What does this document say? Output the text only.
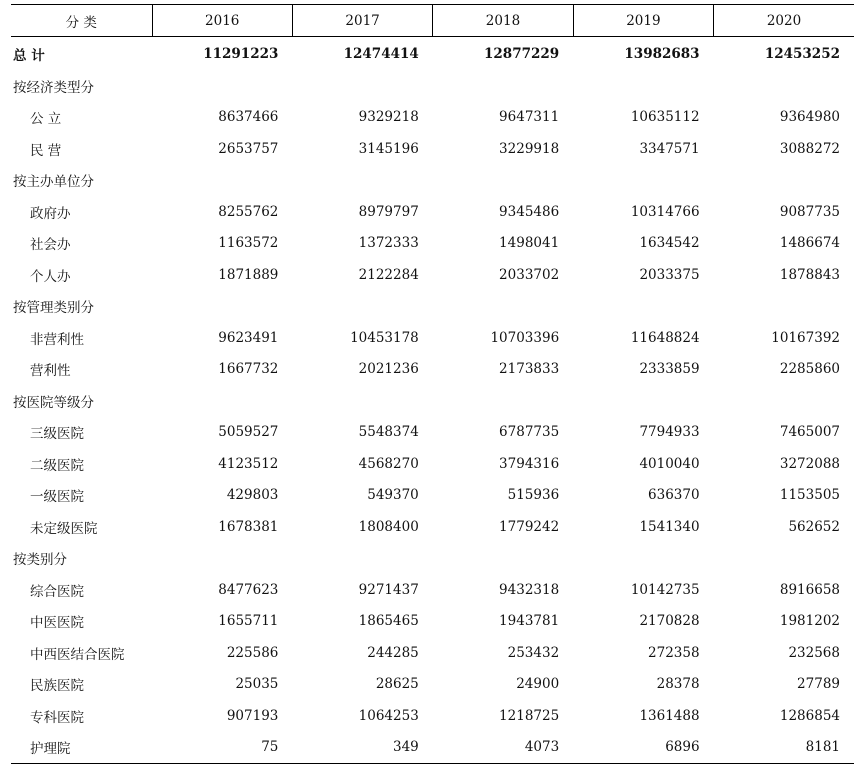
分 类	2016	2017	2018	2019	2020
总 计	11291223	12474414	12877229	13982683	12453252
按经济类型分					
公 立	8637466	9329218	9647311	10635112	9364980
民 营	2653757	3145196	3229918	3347571	3088272
按主办单位分					
政府办	8255762	8979797	9345486	10314766	9087735
社会办	1163572	1372333	1498041	1634542	1486674
个人办	1871889	2122284	2033702	2033375	1878843
按管理类别分					
非营利性	9623491	10453178	10703396	11648824	10167392
营利性	1667732	2021236	2173833	2333859	2285860
按医院等级分					
三级医院	5059527	5548374	6787735	7794933	7465007
二级医院	4123512	4568270	3794316	4010040	3272088
一级医院	429803	549370	515936	636370	1153505
未定级医院	1678381	1808400	1779242	1541340	562652
按类别分					
综合医院	8477623	9271437	9432318	10142735	8916658
中医医院	1655711	1865465	1943781	2170828	1981202
中西医结合医院	225586	244285	253432	272358	232568
民族医院	25035	28625	24900	28378	27789
专科医院	907193	1064253	1218725	1361488	1286854
护理院	75	349	4073	6896	8181
